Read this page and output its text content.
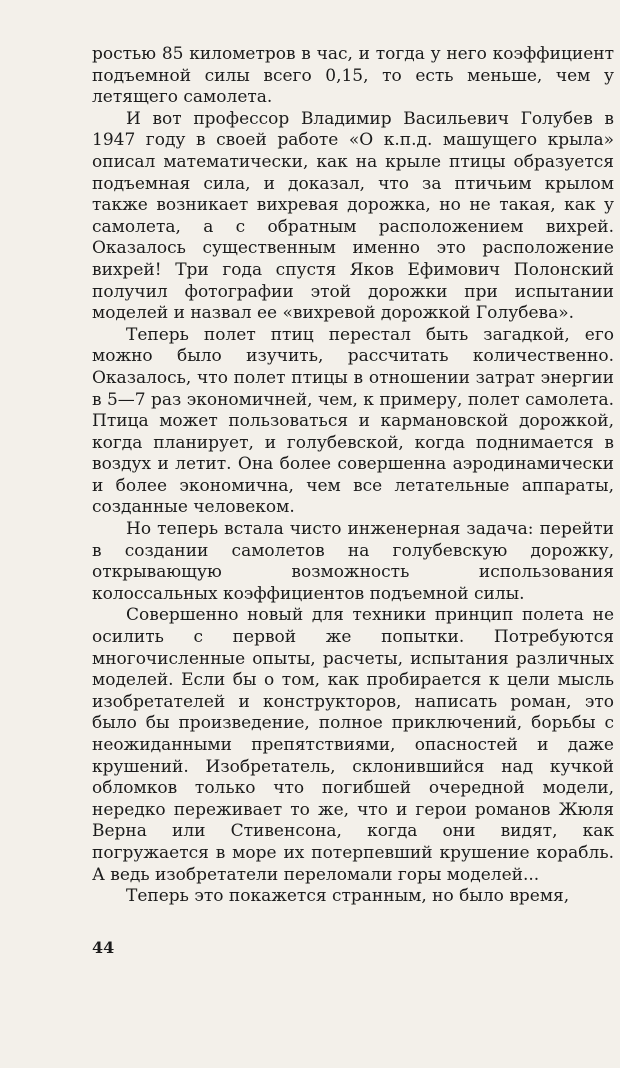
ростью 85 километров в час, и тогда у него коэффициент подъемной силы всего 0,15, то есть меньше, чем у летящего самолета.

И вот профессор Владимир Васильевич Голубев в 1947 году в своей работе «О к.п.д. машущего крыла» описал математически, как на крыле птицы образуется подъемная сила, и доказал, что за птичьим крылом также возникает вихревая дорожка, но не такая, как у самолета, а с обратным расположением вихрей. Оказалось существенным именно это расположение вихрей! Три года спустя Яков Ефимович Полонский получил фотографии этой дорожки при испытании моделей и назвал ее «вихревой дорожкой Голубева».

Теперь полет птиц перестал быть загадкой, его можно было изучить, рассчитать количественно. Оказалось, что полет птицы в отношении затрат энергии в 5—7 раз экономичней, чем, к примеру, полет самолета. Птица может пользоваться и кармановской дорожкой, когда планирует, и голубевской, когда поднимается в воздух и летит. Она более совершенна аэродинамически и более экономична, чем все летательные аппараты, созданные человеком.

Но теперь встала чисто инженерная задача: перейти в создании самолетов на голубевскую дорожку, открывающую возможность использования колоссальных коэффициентов подъемной силы.

Совершенно новый для техники принцип полета не осилить с первой же попытки. Потребуются многочисленные опыты, расчеты, испытания различных моделей. Если бы о том, как пробирается к цели мысль изобретателей и конструкторов, написать роман, это было бы произведение, полное приключений, борьбы с неожиданными препятствиями, опасностей и даже крушений. Изобретатель, склонившийся над кучкой обломков только что погибшей очередной модели, нередко переживает то же, что и герои романов Жюля Верна или Стивенсона, когда они видят, как погружается в море их потерпевший крушение корабль. А ведь изобретатели переломали горы моделей...

Теперь это покажется странным, но было время,

44
